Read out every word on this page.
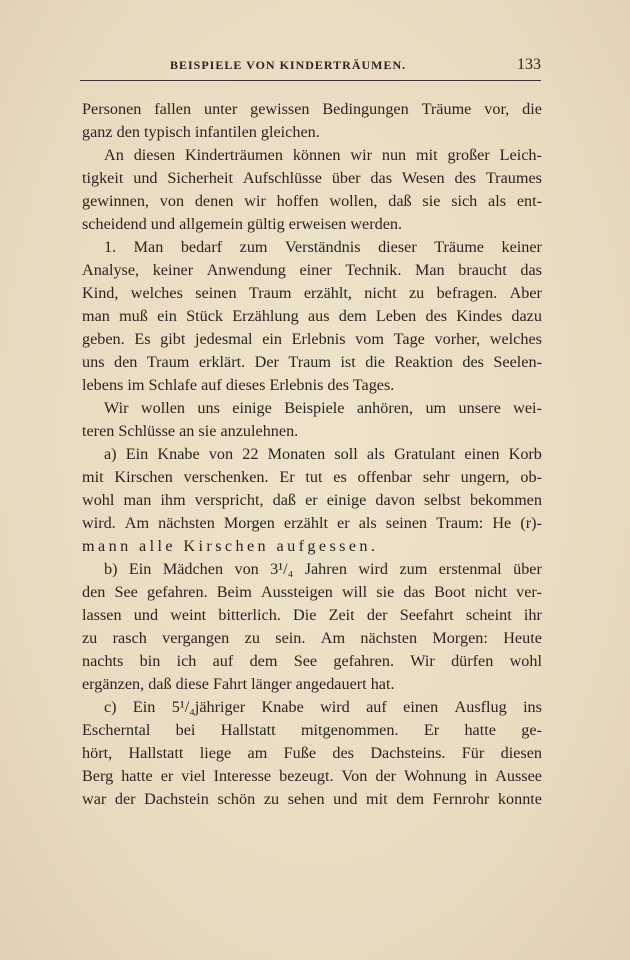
BEISPIELE VON KINDERTRÄUMEN.	133
Personen fallen unter gewissen Bedingungen Träume vor, die
ganz den typisch infantilen gleichen.
An diesen Kinderträumen können wir nun mit großer Leich-
tigkeit und Sicherheit Aufschlüsse über das Wesen des Traumes
gewinnen, von denen wir hoffen wollen, daß sie sich als ent-
scheidend und allgemein gültig erweisen werden.
1. Man bedarf zum Verständnis dieser Träume keiner
Analyse, keiner Anwendung einer Technik. Man braucht das
Kind, welches seinen Traum erzählt, nicht zu befragen. Aber
man muß ein Stück Erzählung aus dem Leben des Kindes dazu
geben. Es gibt jedesmal ein Erlebnis vom Tage vorher, welches
uns den Traum erklärt. Der Traum ist die Reaktion des Seelen-
lebens im Schlafe auf dieses Erlebnis des Tages.
Wir wollen uns einige Beispiele anhören, um unsere wei-
teren Schlüsse an sie anzulehnen.
a) Ein Knabe von 22 Monaten soll als Gratulant einen Korb
mit Kirschen verschenken. Er tut es offenbar sehr ungern, ob-
wohl man ihm verspricht, daß er einige davon selbst bekommen
wird. Am nächsten Morgen erzählt er als seinen Traum: He (r)-
mann alle Kirschen aufgessen.
b) Ein Mädchen von 3¹/₄ Jahren wird zum erstenmal über
den See gefahren. Beim Aussteigen will sie das Boot nicht ver-
lassen und weint bitterlich. Die Zeit der Seefahrt scheint ihr
zu rasch vergangen zu sein. Am nächsten Morgen: Heute
nachts bin ich auf dem See gefahren. Wir dürfen wohl
ergänzen, daß diese Fahrt länger angedauert hat.
c) Ein 5¹/₄jähriger Knabe wird auf einen Ausflug ins
Escherntal bei Hallstatt mitgenommen. Er hatte ge-
hört, Hallstatt liege am Fuße des Dachsteins. Für diesen
Berg hatte er viel Interesse bezeugt. Von der Wohnung in Aussee
war der Dachstein schön zu sehen und mit dem Fernrohr konnte
